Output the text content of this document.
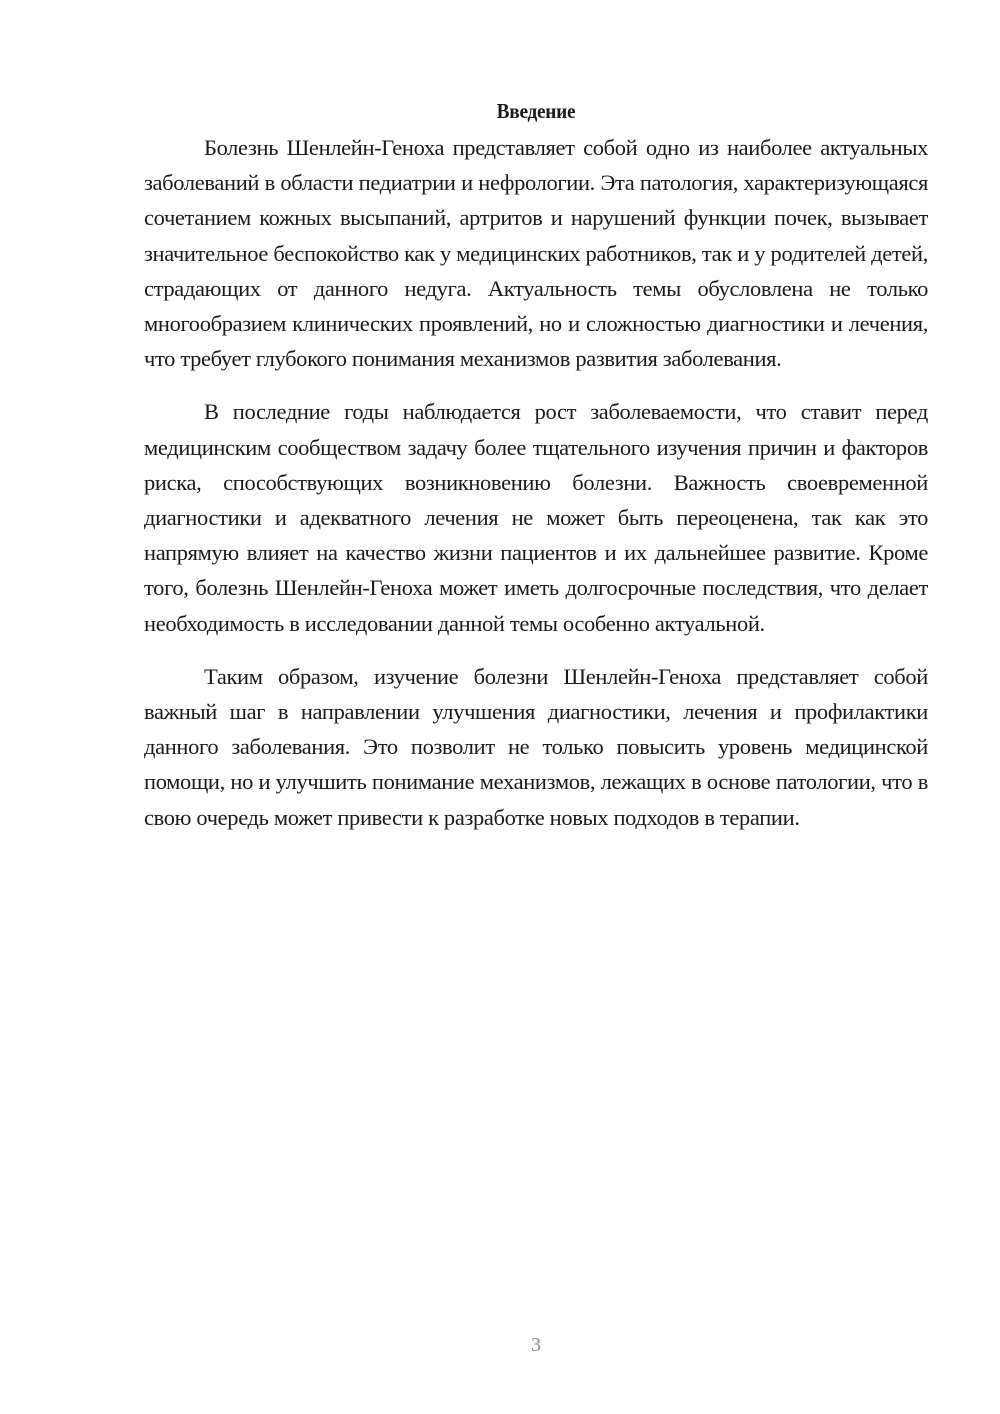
Введение

Болезнь Шенлейн-Геноха представляет собой одно из наиболее актуальных заболеваний в области педиатрии и нефрологии. Эта патология, характеризующаяся сочетанием кожных высыпаний, артритов и нарушений функции почек, вызывает значительное беспокойство как у медицинских работников, так и у родителей детей, страдающих от данного недуга. Актуальность темы обусловлена не только многообразием клинических проявлений, но и сложностью диагностики и лечения, что требует глубокого понимания механизмов развития заболевания.

В последние годы наблюдается рост заболеваемости, что ставит перед медицинским сообществом задачу более тщательного изучения причин и факторов риска, способствующих возникновению болезни. Важность своевременной диагностики и адекватного лечения не может быть переоценена, так как это напрямую влияет на качество жизни пациентов и их дальнейшее развитие. Кроме того, болезнь Шенлейн-Геноха может иметь долгосрочные последствия, что делает необходимость в исследовании данной темы особенно актуальной.

Таким образом, изучение болезни Шенлейн-Геноха представляет собой важный шаг в направлении улучшения диагностики, лечения и профилактики данного заболевания. Это позволит не только повысить уровень медицинской помощи, но и улучшить понимание механизмов, лежащих в основе патологии, что в свою очередь может привести к разработке новых подходов в терапии.

3
